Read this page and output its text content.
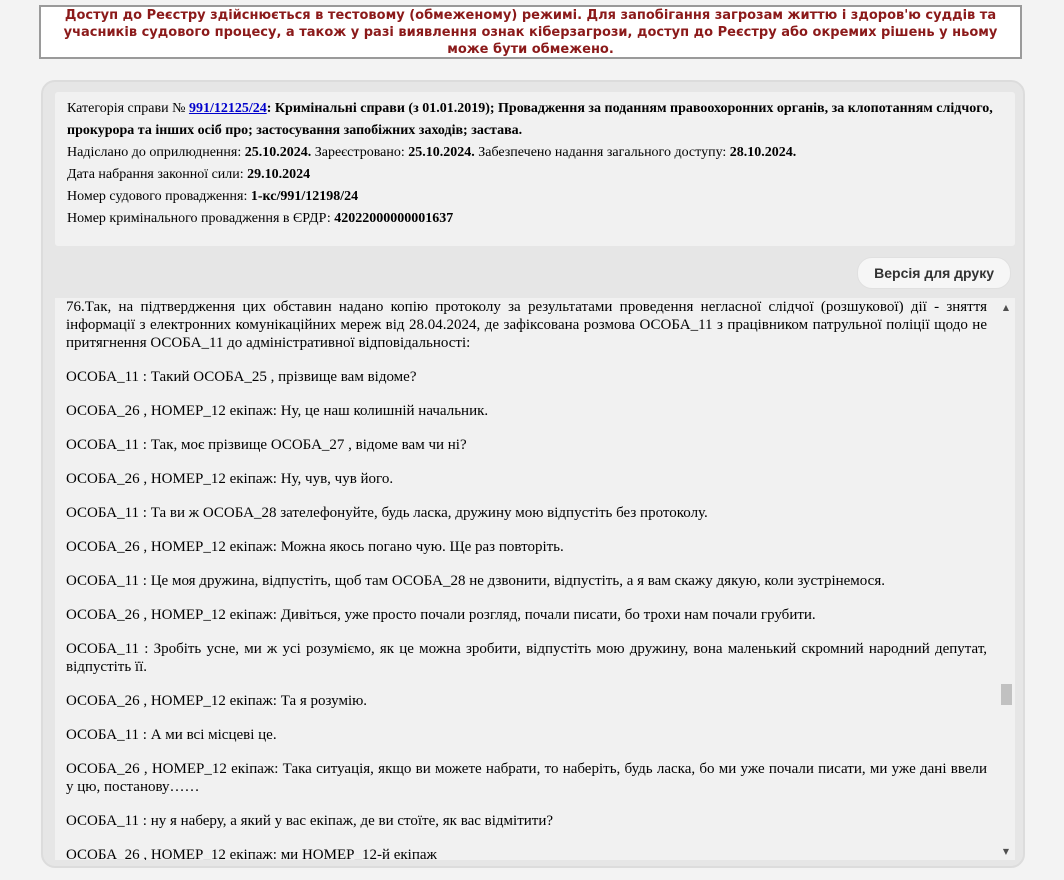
Доступ до Реєстру здійснюється в тестовому (обмеженому) режимі. Для запобігання загрозам життю і здоров'ю суддів та учасників судового процесу, а також у разі виявлення ознак кіберзагрози, доступ до Реєстру або окремих рішень у ньому може бути обмежено.

Категорія справи № 991/12125/24: Кримінальні справи (з 01.01.2019); Провадження за поданням правоохоронних органів, за клопотанням слідчого, прокурора та інших осіб про; застосування запобіжних заходів; застава.

Надіслано до оприлюднення: 25.10.2024. Зареєстровано: 25.10.2024. Забезпечено надання загального доступу: 28.10.2024.

Дата набрання законної сили: 29.10.2024

Номер судового провадження: 1-кс/991/12198/24

Номер кримінального провадження в ЄРДР: 42022000000001637

Версія для друку

76.Так, на підтвердження цих обставин надано копію протоколу за результатами проведення негласної слідчої (розшукової) дії - зняття інформації з електронних комунікаційних мереж від 28.04.2024, де зафіксована розмова ОСОБА_11 з працівником патрульної поліції щодо не притягнення ОСОБА_11 до адміністративної відповідальності:

ОСОБА_11 : Такий ОСОБА_25 , прізвище вам відоме?

ОСОБА_26 , НОМЕР_12 екіпаж: Ну, це наш колишній начальник.

ОСОБА_11 : Так, моє прізвище ОСОБА_27 , відоме вам чи ні?

ОСОБА_26 , НОМЕР_12 екіпаж: Ну, чув, чув його.

ОСОБА_11 : Та ви ж ОСОБА_28 зателефонуйте, будь ласка, дружину мою відпустіть без протоколу.

ОСОБА_26 , НОМЕР_12 екіпаж: Можна якось погано чую. Ще раз повторіть.

ОСОБА_11 : Це моя дружина, відпустіть, щоб там ОСОБА_28 не дзвонити, відпустіть, а я вам скажу дякую, коли зустрінемося.

ОСОБА_26 , НОМЕР_12 екіпаж: Дивіться, уже просто почали розгляд, почали писати, бо трохи нам почали грубити.

ОСОБА_11 : Зробіть усне, ми ж усі розуміємо, як це можна зробити, відпустіть мою дружину, вона маленький скромний народний депутат, відпустіть її.

ОСОБА_26 , НОМЕР_12 екіпаж: Та я розумію.

ОСОБА_11 : А ми всі місцеві це.

ОСОБА_26 , НОМЕР_12 екіпаж: Така ситуація, якщо ви можете набрати, то наберіть, будь ласка, бо ми уже почали писати, ми уже дані ввели у цю, постанову……

ОСОБА_11 : ну я наберу, а який у вас екіпаж, де ви стоїте, як вас відмітити?

ОСОБА_26 , НОМЕР_12 екіпаж: ми НОМЕР_12-й екіпаж

▲
▼
